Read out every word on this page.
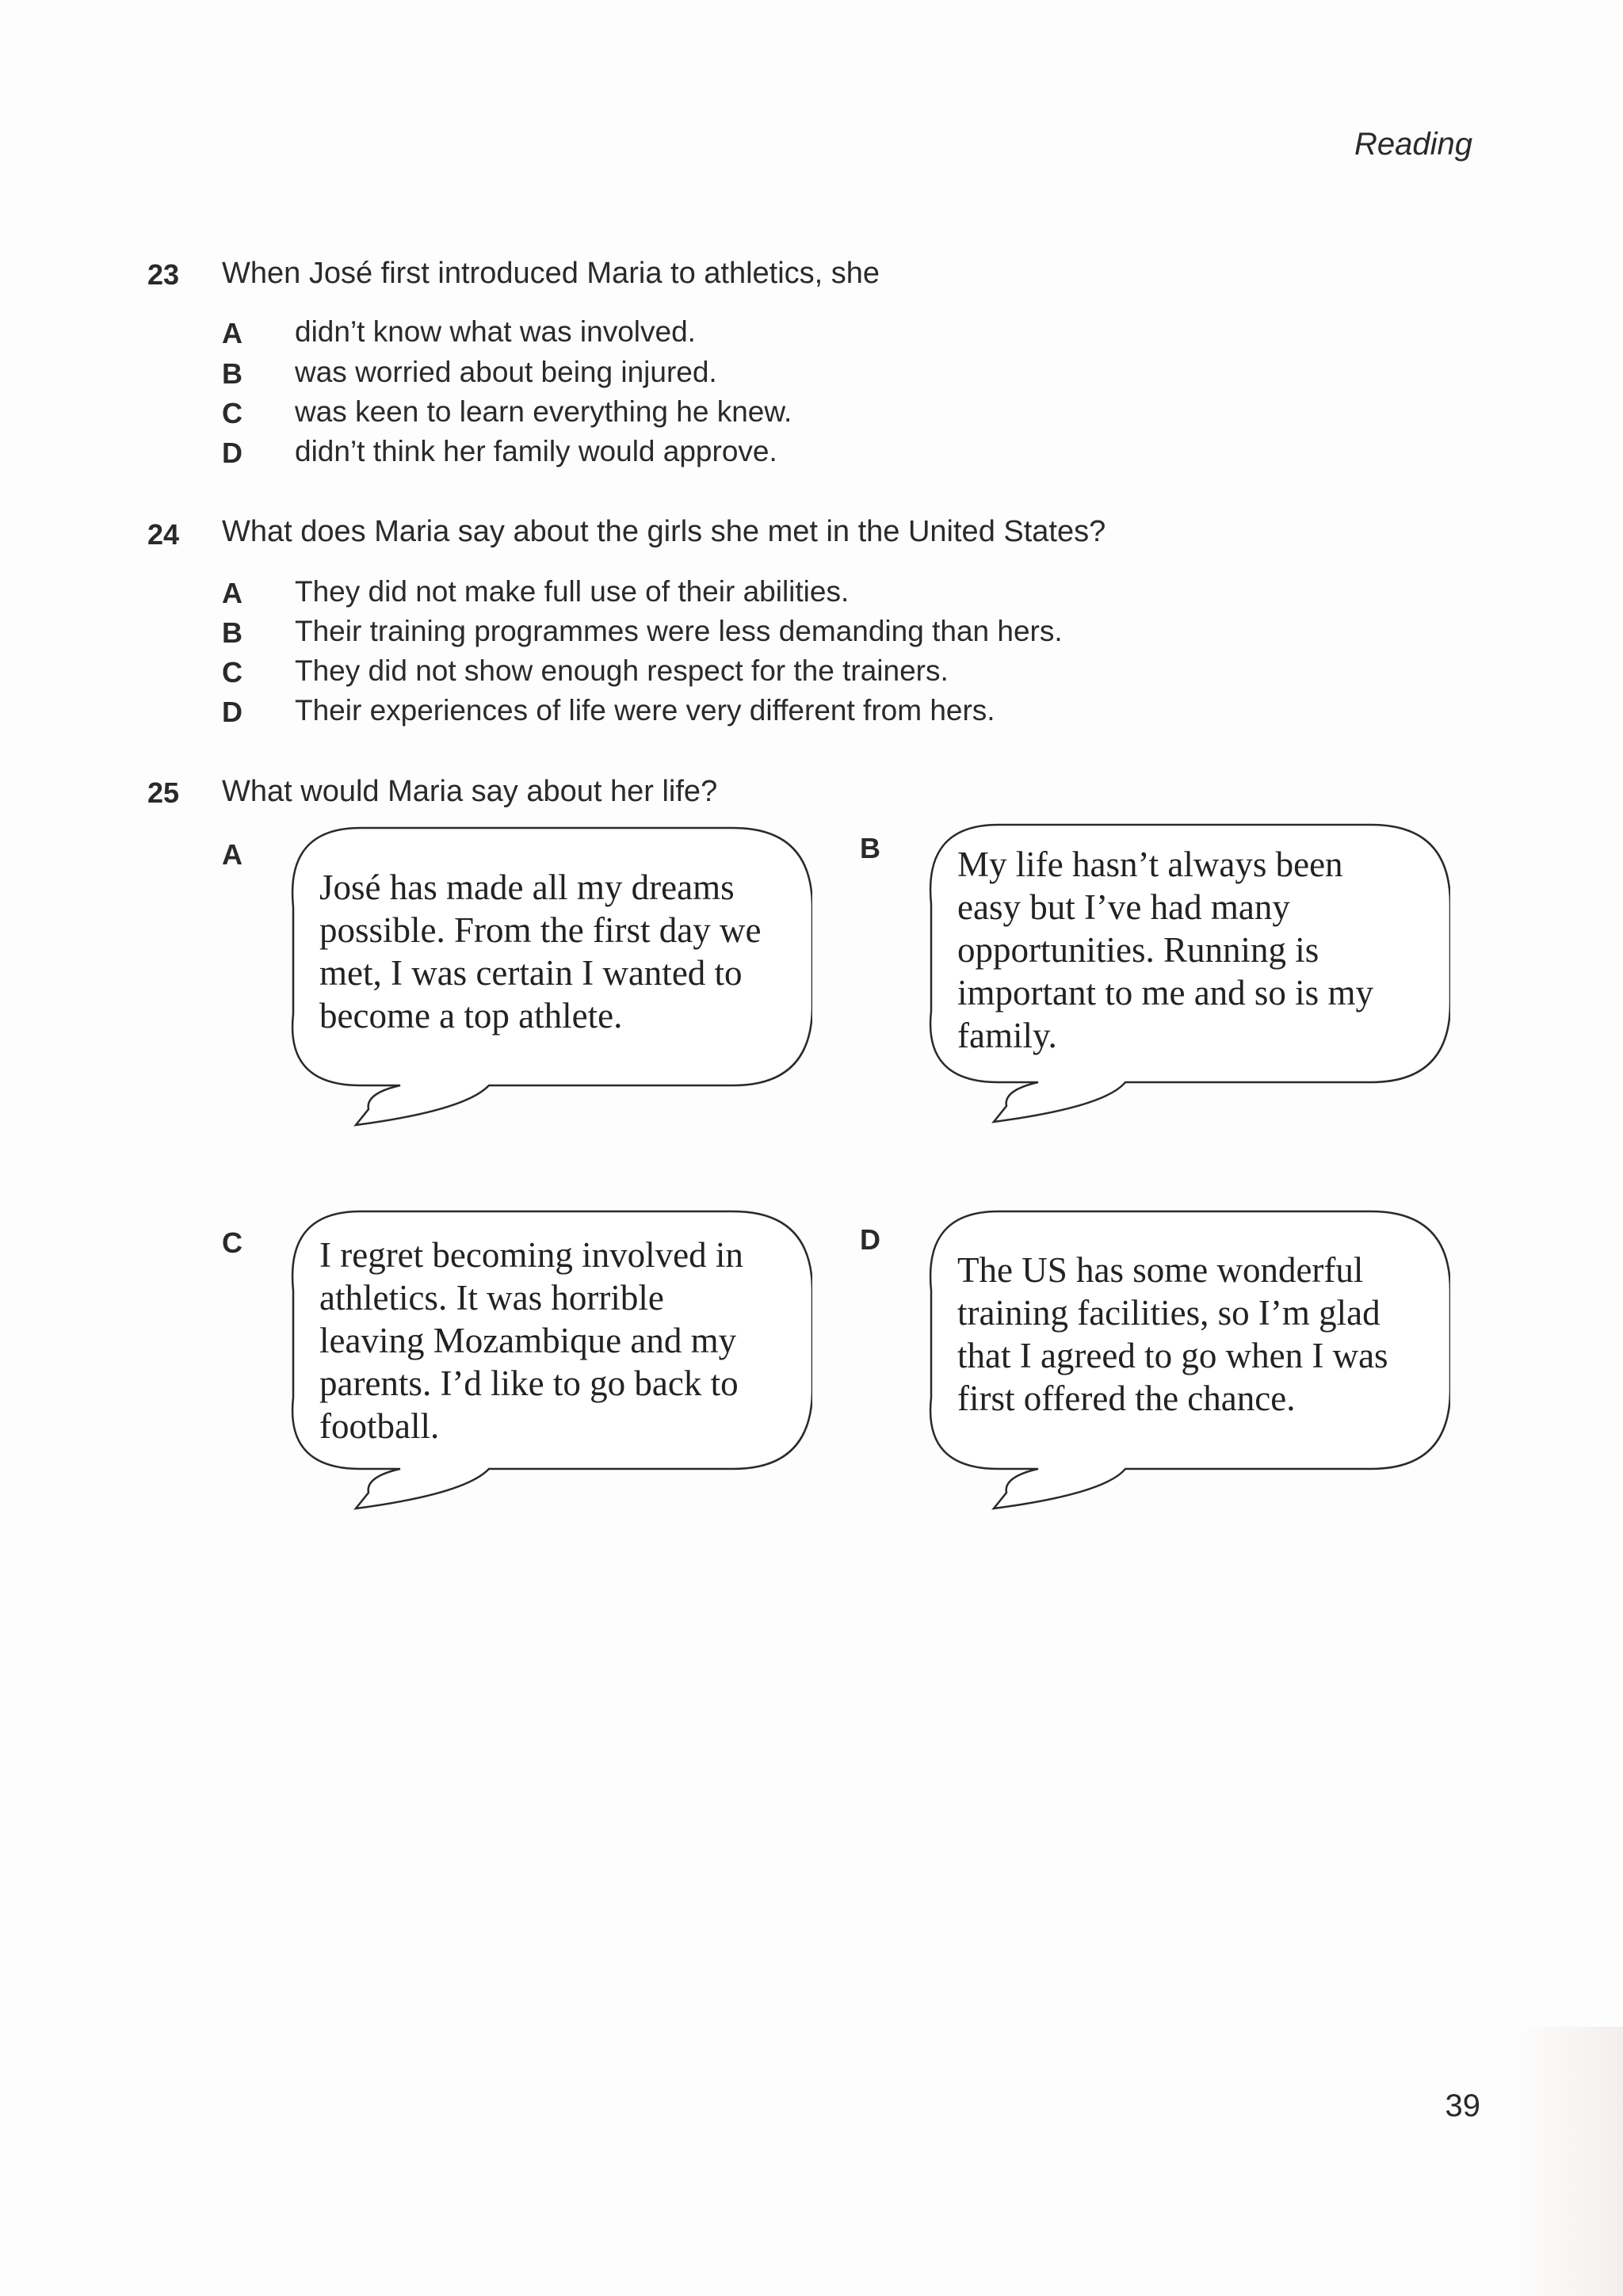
Reading
23 When José first introduced Maria to athletics, she
A didn’t know what was involved.
B was worried about being injured.
C was keen to learn everything he knew.
D didn’t think her family would approve.
24 What does Maria say about the girls she met in the United States?
A They did not make full use of their abilities.
B Their training programmes were less demanding than hers.
C They did not show enough respect for the trainers.
D Their experiences of life were very different from hers.
25 What would Maria say about her life?
A
José has made all my dreams
possible. From the first day we
met, I was certain I wanted to
become a top athlete.
B My life hasn’t always been
easy but I’ve had many
opportunities. Running is
important to me and so is my
family.
C I regret becoming involved in
athletics. It was horrible
leaving Mozambique and my
parents. I’d like to go back to
football.
D
The US has some wonderful
training facilities, so I’m glad
that I agreed to go when I was
first offered the chance.
39
